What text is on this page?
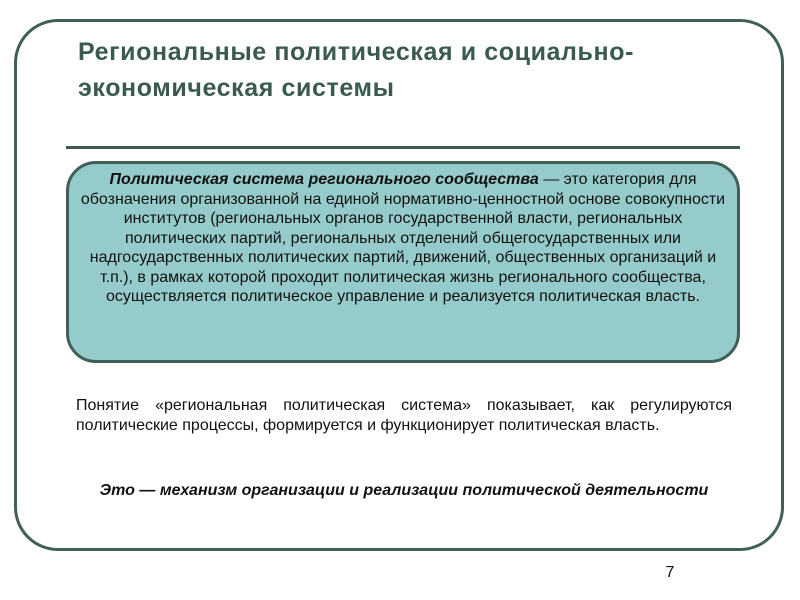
Региональные политическая и социально-экономическая системы
Политическая система регионального сообщества — это категория для обозначения организованной на единой нормативно-ценностной основе совокупности институтов (региональных органов государственной власти, региональных политических партий, региональных отделений общегосударственных или надгосударственных политических партий, движений, общественных организаций и т.п.), в рамках которой проходит политическая жизнь регионального сообщества, осуществляется политическое управление и реализуется политическая власть.

Понятие «региональная политическая система» показывает, как регулируются политические процессы, формируется и функционирует политическая власть.

Это — механизм организации и реализации политической деятельности

7
